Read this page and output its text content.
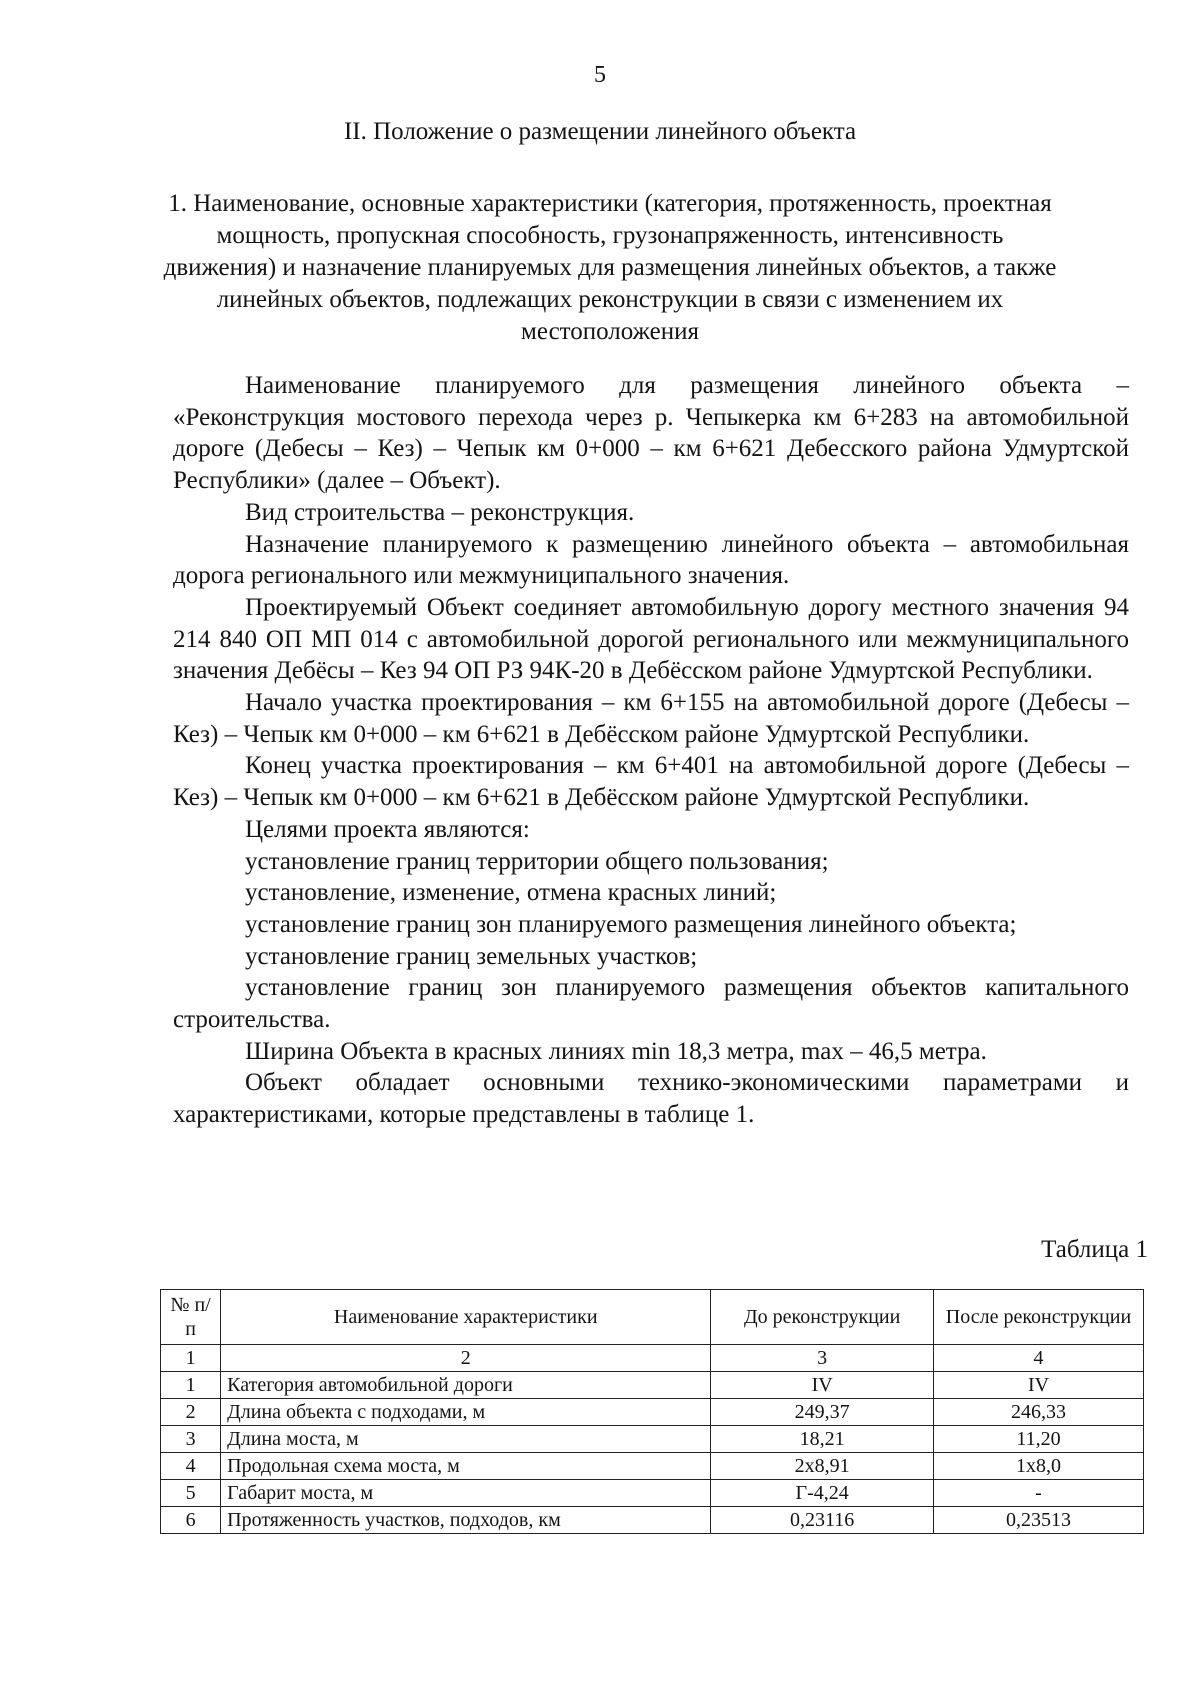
5
II. Положение о размещении линейного объекта
1. Наименование, основные характеристики (категория, протяженность, проектная мощность, пропускная способность, грузонапряженность, интенсивность движения) и назначение планируемых для размещения линейных объектов, а также линейных объектов, подлежащих реконструкции в связи с изменением их местоположения

Наименование планируемого для размещения линейного объекта – «Реконструкция мостового перехода через р. Чепыкерка км 6+283 на автомобильной дороге (Дебесы – Кез) – Чепык км 0+000 – км 6+621 Дебесского района Удмуртской Республики» (далее – Объект).

Вид строительства – реконструкция.

Назначение планируемого к размещению линейного объекта – автомобильная дорога регионального или межмуниципального значения.

Проектируемый Объект соединяет автомобильную дорогу местного значения 94 214 840 ОП МП 014 с автомобильной дорогой регионального или межмуниципального значения Дебёсы – Кез 94 ОП РЗ 94К-20 в Дебёсском районе Удмуртской Республики.

Начало участка проектирования – км 6+155 на автомобильной дороге (Дебесы – Кез) – Чепык км 0+000 – км 6+621 в Дебёсском районе Удмуртской Республики.

Конец участка проектирования – км 6+401 на автомобильной дороге (Дебесы – Кез) – Чепык км 0+000 – км 6+621 в Дебёсском районе Удмуртской Республики.

Целями проекта являются:

установление границ территории общего пользования;

установление, изменение, отмена красных линий;

установление границ зон планируемого размещения линейного объекта;

установление границ земельных участков;

установление границ зон планируемого размещения объектов капитального строительства.

Ширина Объекта в красных линиях min 18,3 метра, max – 46,5 метра.

Объект обладает основными технико-экономическими параметрами и характеристиками, которые представлены в таблице 1.

Таблица 1
№ п/п	Наименование характеристики	До реконструкции	После реконструкции
1	2	3	4
1	Категория автомобильной дороги	IV	IV
2	Длина объекта с подходами, м	249,37	246,33
3	Длина моста, м	18,21	11,20
4	Продольная схема моста, м	2х8,91	1х8,0
5	Габарит моста, м	Г-4,24	-
6	Протяженность участков, подходов, км	0,23116	0,23513
